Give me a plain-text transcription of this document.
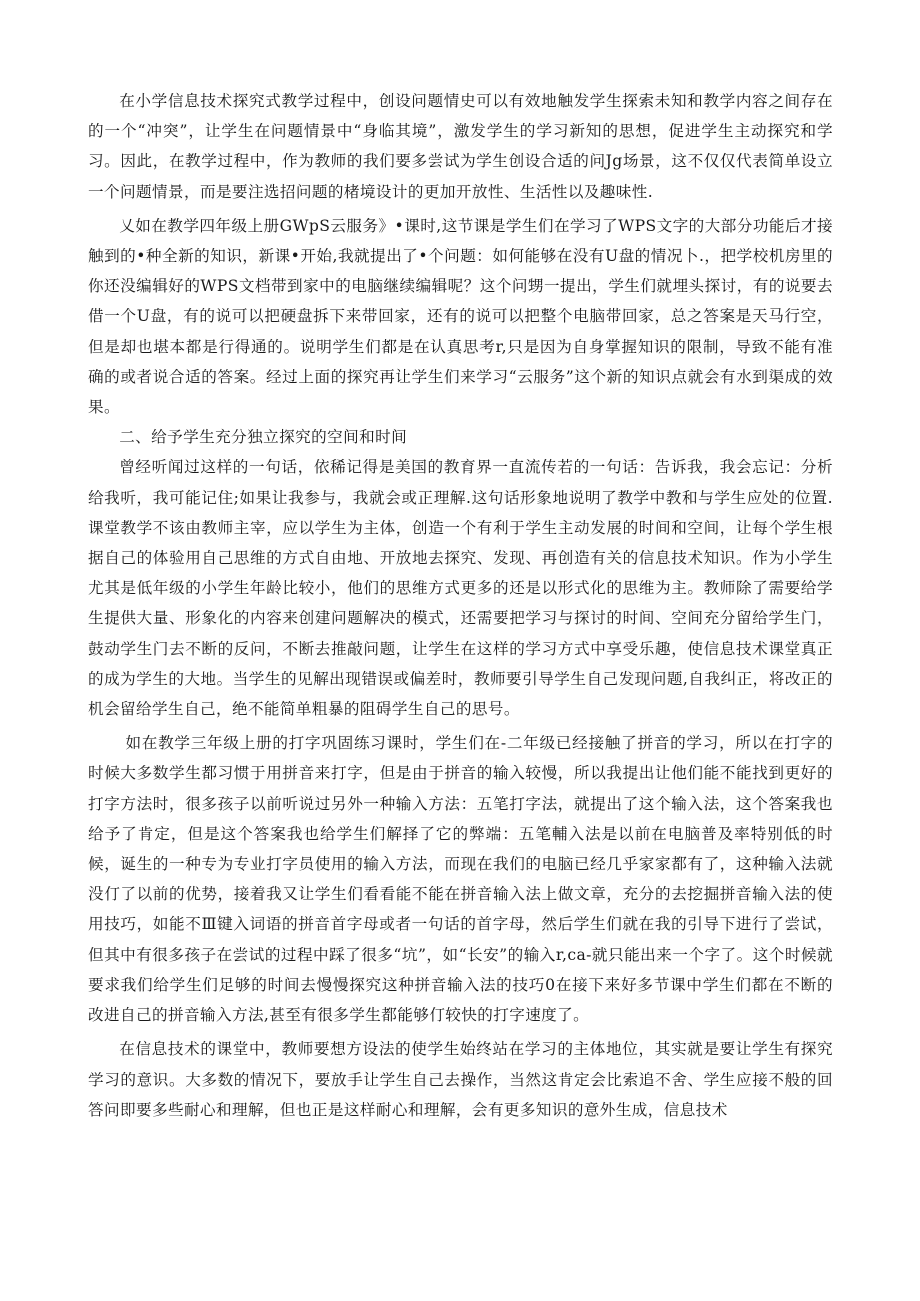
在小学信息技术探究式教学过程中，创设问题情史可以有效地触发学生探索未知和教学内容之间存在的一个“冲突”，让学生在问题情景中“身临其境”，激发学生的学习新知的思想，促进学生主动探究和学习。因此，在教学过程中，作为教师的我们要多尝试为学生创设合适的问Jg场景，这不仅仅代表简单设立一个问题情景，而是要注选招问题的楮境设计的更加开放性、生活性以及趣味性.

乂如在教学四年级上册GWpS云服务》•课时,这节课是学生们在学习了WPS文字的大部分功能后才接触到的•种全新的知识，新课•开始,我就提出了•个问题：如何能够在没有U盘的情况卜.，把学校机房里的你还没编辑好的WPS文档带到家中的电脑继续编辑呢？这个问甥一提出，学生们就埋头探讨，有的说要去借一个U盘，有的说可以把硬盘拆下来带回家，还有的说可以把整个电脑带回家，总之答案是天马行空，但是却也堪本都是行得通的。说明学生们都是在认真思考r,只是因为自身掌握知识的限制，导致不能有准确的或者说合适的答案。经过上面的探究再让学生们来学习“云服务”这个新的知识点就会有水到渠成的效果。

二、给予学生充分独立探究的空间和时间

曾经听闻过这样的一句话，依稀记得是美国的教育界一直流传若的一句话：告诉我，我会忘记：分析给我听，我可能记住;如果让我参与，我就会或正理解.这句话形象地说明了教学中教和与学生应处的位置.课堂教学不该由教师主宰，应以学生为主体，创造一个有利于学生主动发展的时间和空间，让每个学生根据自己的体验用自己思维的方式自由地、开放地去探究、发现、再创造有关的信息技术知识。作为小学生尤其是低年级的小学生年龄比较小，他们的思维方式更多的还是以形式化的思维为主。教师除了需要给学生提供大量、形象化的内容来创建问题解决的模式，还需要把学习与探讨的时间、空间充分留给学生门，鼓动学生门去不断的反问，不断去推敲问题，让学生在这样的学习方式中享受乐趣，使信息技术课堂真正的成为学生的大地。当学生的见解出现错误或偏差时，教师要引导学生自己发现问题,自我纠正，将改正的机会留给学生自己，绝不能简单粗暴的阻碍学生自己的思号。

如在教学三年级上册的打字巩固练习课时，学生们在-二年级已经接触了拼音的学习，所以在打字的时候大多数学生都习惯于用拼音来打字，但是由于拼音的输入较慢，所以我提出让他们能不能找到更好的打字方法时，很多孩子以前听说过另外一种输入方法：五笔打字法，就提出了这个输入法，这个答案我也给予了肯定，但是这个答案我也给学生们解择了它的弊端：五笔輔入法是以前在电脑普及率特别低的时候，诞生的一种专为专业打字员使用的输入方法，而现在我们的电脑已经几乎家家都有了，这种输入法就没仃了以前的优势，接着我又让学生们看看能不能在拼音输入法上做文章，充分的去挖掘拼音输入法的使用技巧，如能不Ⅲ键入词语的拼音首字母或者一句话的首字母，然后学生们就在我的引导下进行了尝试，但其中有很多孩子在尝试的过程中踩了很多“坑”，如“长安”的输入r,ca-就只能出来一个字了。这个时候就要求我们给学生们足够的时间去慢慢探究这种拼音输入法的技巧0在接下来好多节课中学生们都在不断的改进自己的拼音输入方法,甚至有很多学生都能够仃较快的打字速度了。

在信息技术的课堂中，教师要想方设法的使学生始终站在学习的主体地位，其实就是要让学生有探究学习的意识。大多数的情况下，要放手让学生自己去操作，当然这肯定会比索追不舍、学生应接不般的回答问即要多些耐心和理解，但也正是这样耐心和理解，会有更多知识的意外生成，信息技术
